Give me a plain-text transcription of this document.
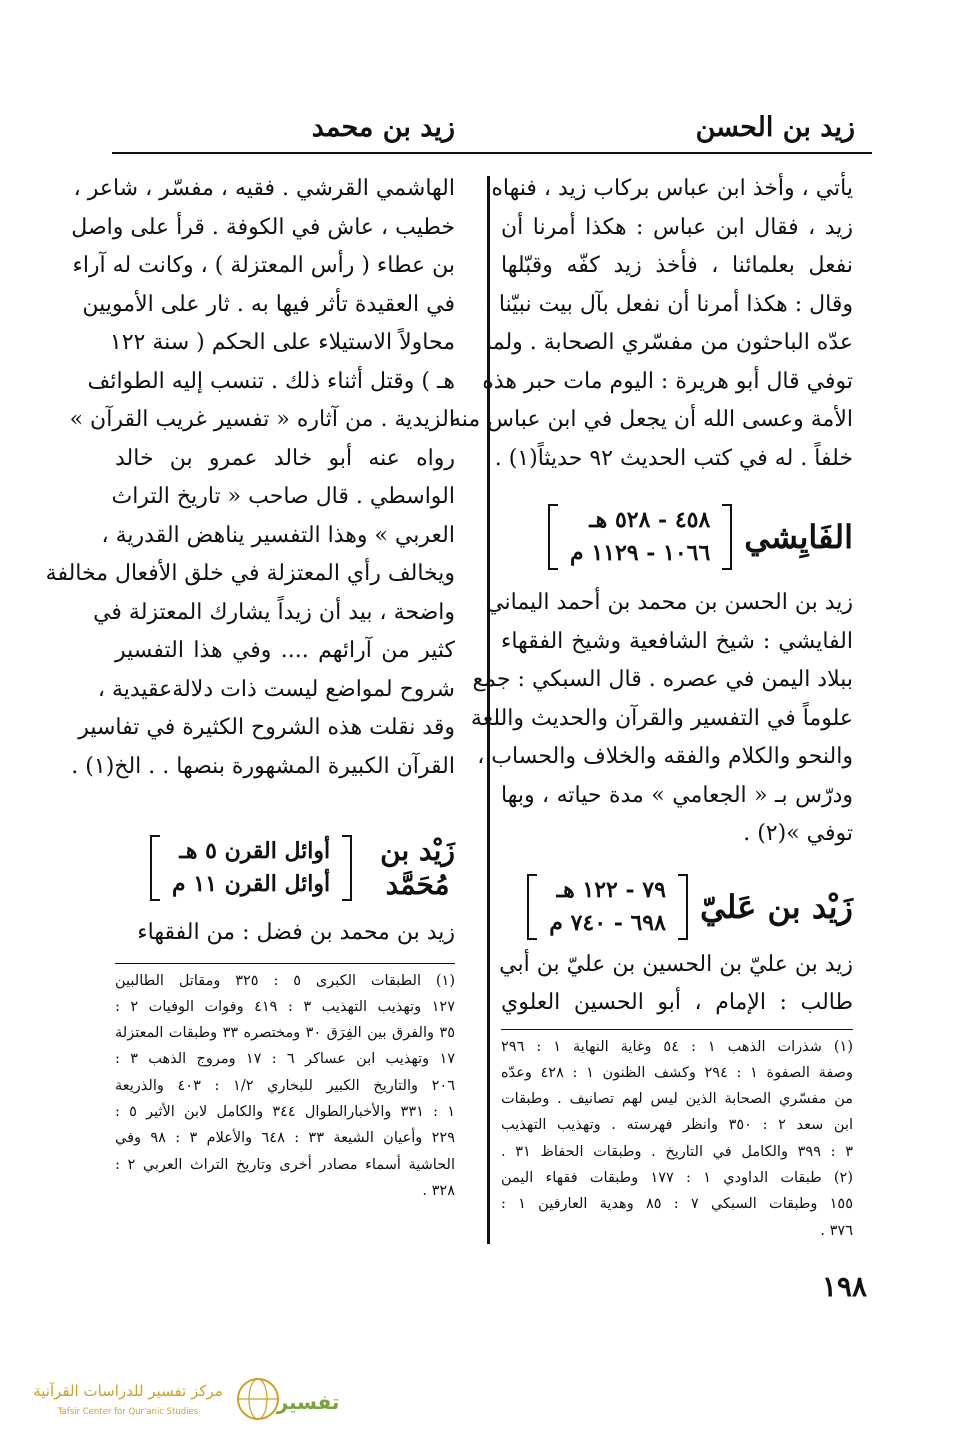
زيد بن الحسن
زيد بن محمد
يأتي ، وأخذ ابن عباس بركاب زيد ، فنهاه
زيد ، فقال ابن عباس : هكذا أمرنا أن
نفعل بعلمائنا ، فأخذ زيد كفّه وقبّلها
وقال : هكذا أمرنا أن نفعل بآل بيت نبيّنا .
عدّه الباحثون من مفسّري الصحابة . ولما
توفي قال أبو هريرة : اليوم مات حبر هذه
الأمة وعسى الله أن يجعل في ابن عباس منه
خلفاً . له في كتب الحديث ٩٢ حديثاً(١) .
الفَايِشي
٤٥٨ - ٥٢٨ هـ
١٠٦٦ - ١١٢٩ م
زيد بن الحسن بن محمد بن أحمد اليماني
الفايشي : شيخ الشافعية وشيخ الفقهاء
ببلاد اليمن في عصره . قال السبكي : جمع
علوماً في التفسير والقرآن والحديث واللغة
والنحو والكلام والفقه والخلاف والحساب ،
ودرّس بـ « الجعامي » مدة حياته ، وبها
توفي »(٢) .
زَيْد بن عَليّ
٧٩ - ١٢٢ هـ
٦٩٨ - ٧٤٠ م
زيد بن عليّ بن الحسين بن عليّ بن أبي
طالب : الإمام ، أبو الحسين العلوي
(١) شذرات الذهب ١ : ٥٤ وغاية النهاية ١ : ٢٩٦
وصفة الصفوة ١ : ٢٩٤ وكشف الظنون ١ : ٤٢٨ وعدّه
من مفسّري الصحابة الذين ليس لهم تصانيف . وطبقات
ابن سعد ٢ : ٣٥٠ وانظر فهرسته . وتهذيب التهذيب
٣ : ٣٩٩ والكامل في التاريخ . وطبقات الحفاظ ٣١ .
(٢) طبقات الداودي ١ : ١٧٧ وطبقات فقهاء اليمن
١٥٥ وطبقات السبكي ٧ : ٨٥ وهدية العارفين ١ :
٣٧٦ .
الهاشمي القرشي . فقيه ، مفسّر ، شاعر ،
خطيب ، عاش في الكوفة . قرأ على واصل
بن عطاء ( رأس المعتزلة ) ، وكانت له آراء
في العقيدة تأثر فيها به . ثار على الأمويين
محاولاً الاستيلاء على الحكم ( سنة ١٢٢
هـ ) وقتل أثناء ذلك . تنسب إليه الطوائف
الزيدية . من آثاره « تفسير غريب القرآن »
رواه عنه أبو خالد عمرو بن خالد
الواسطي . قال صاحب « تاريخ التراث
العربي » وهذا التفسير يناهض القدرية ،
ويخالف رأي المعتزلة في خلق الأفعال مخالفة
واضحة ، بيد أن زيداً يشارك المعتزلة في
كثير من آرائهم .... وفي هذا التفسير
شروح لمواضع ليست ذات دلالةعقيدية ،
وقد نقلت هذه الشروح الكثيرة في تفاسير
القرآن الكبيرة المشهورة بنصها . . الخ(١) .
زَيْد بن
مُحَمَّد
أوائل القرن ٥ هـ
أوائل القرن ١١ م
زيد بن محمد بن فضل : من الفقهاء
(١) الطبقات الكبرى ٥ : ٣٢٥ ومقاتل الطالبين
١٢٧ وتهذيب التهذيب ٣ : ٤١٩ وفوات الوفيات ٢ :
٣٥ والفرق بين الفِرَق ٣٠ ومختصره ٣٣ وطبقات المعتزلة
١٧ وتهذيب ابن عساكر ٦ : ١٧ ومروج الذهب ٣ :
٢٠٦ والتاريخ الكبير للبخاري ١/٢ : ٤٠٣ والذريعة
١ : ٣٣١ والأخبارالطوال ٣٤٤ والكامل لابن الأثير ٥ :
٢٢٩ وأعيان الشيعة ٣٣ : ٦٤٨ والأعلام ٣ : ٩٨ وفي
الحاشية أسماء مصادر أخرى وتاريخ التراث العربي ٢ :
٣٢٨ .
١٩٨
تفسير
مركز تفسير للدراسات القرآنية
Tafsir Center for Qur'anic Studies
